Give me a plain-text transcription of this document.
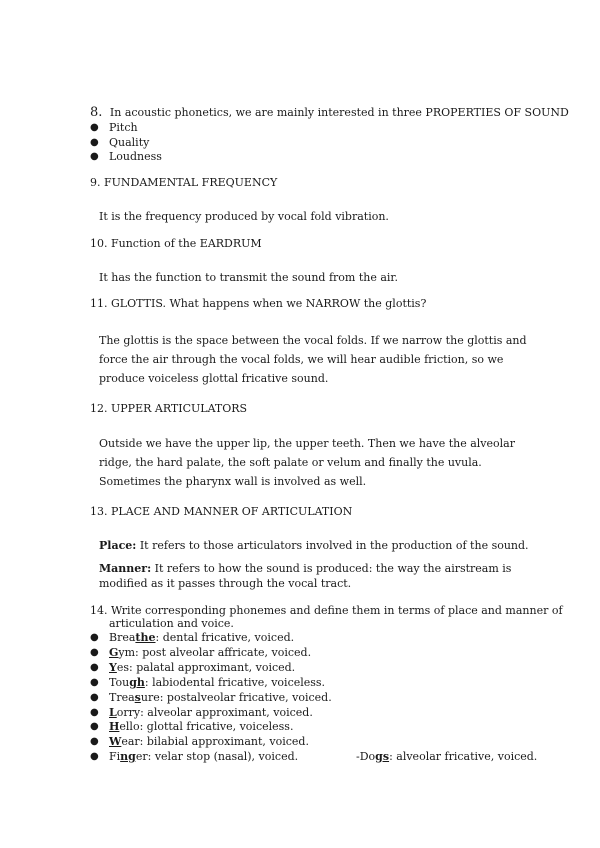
8. In acoustic phonetics, we are mainly interested in three PROPERTIES OF SOUND
● Pitch
● Quality
● Loudness
9. FUNDAMENTAL FREQUENCY
It is the frequency produced by vocal fold vibration.
10. Function of the EARDRUM
It has the function to transmit the sound from the air.
11. GLOTTIS. What happens when we NARROW the glottis?
The glottis is the space between the vocal folds. If we narrow the glottis and force the air through the vocal folds, we will hear audible friction, so we produce voiceless glottal fricative sound.
12. UPPER ARTICULATORS
Outside we have the upper lip, the upper teeth. Then we have the alveolar ridge, the hard palate, the soft palate or velum and finally the uvula. Sometimes the pharynx wall is involved as well.
13. PLACE AND MANNER OF ARTICULATION
Place: It refers to those articulators involved in the production of the sound.
Manner: It refers to how the sound is produced: the way the airstream is modified as it passes through the vocal tract.
14. Write corresponding phonemes and define them in terms of place and manner of
articulation and voice.
● Breathe: dental fricative, voiced.
● Gym: post alveolar affricate, voiced.
● Yes: palatal approximant, voiced.
● Tough: labiodental fricative, voiceless.
● Treasure: postalveolar fricative, voiced.
● Lorry: alveolar approximant, voiced.
● Hello: glottal fricative, voiceless.
● Wear: bilabial approximant, voiced.
● Finger: velar stop (nasal), voiced.	-Dogs: alveolar fricative, voiced.
